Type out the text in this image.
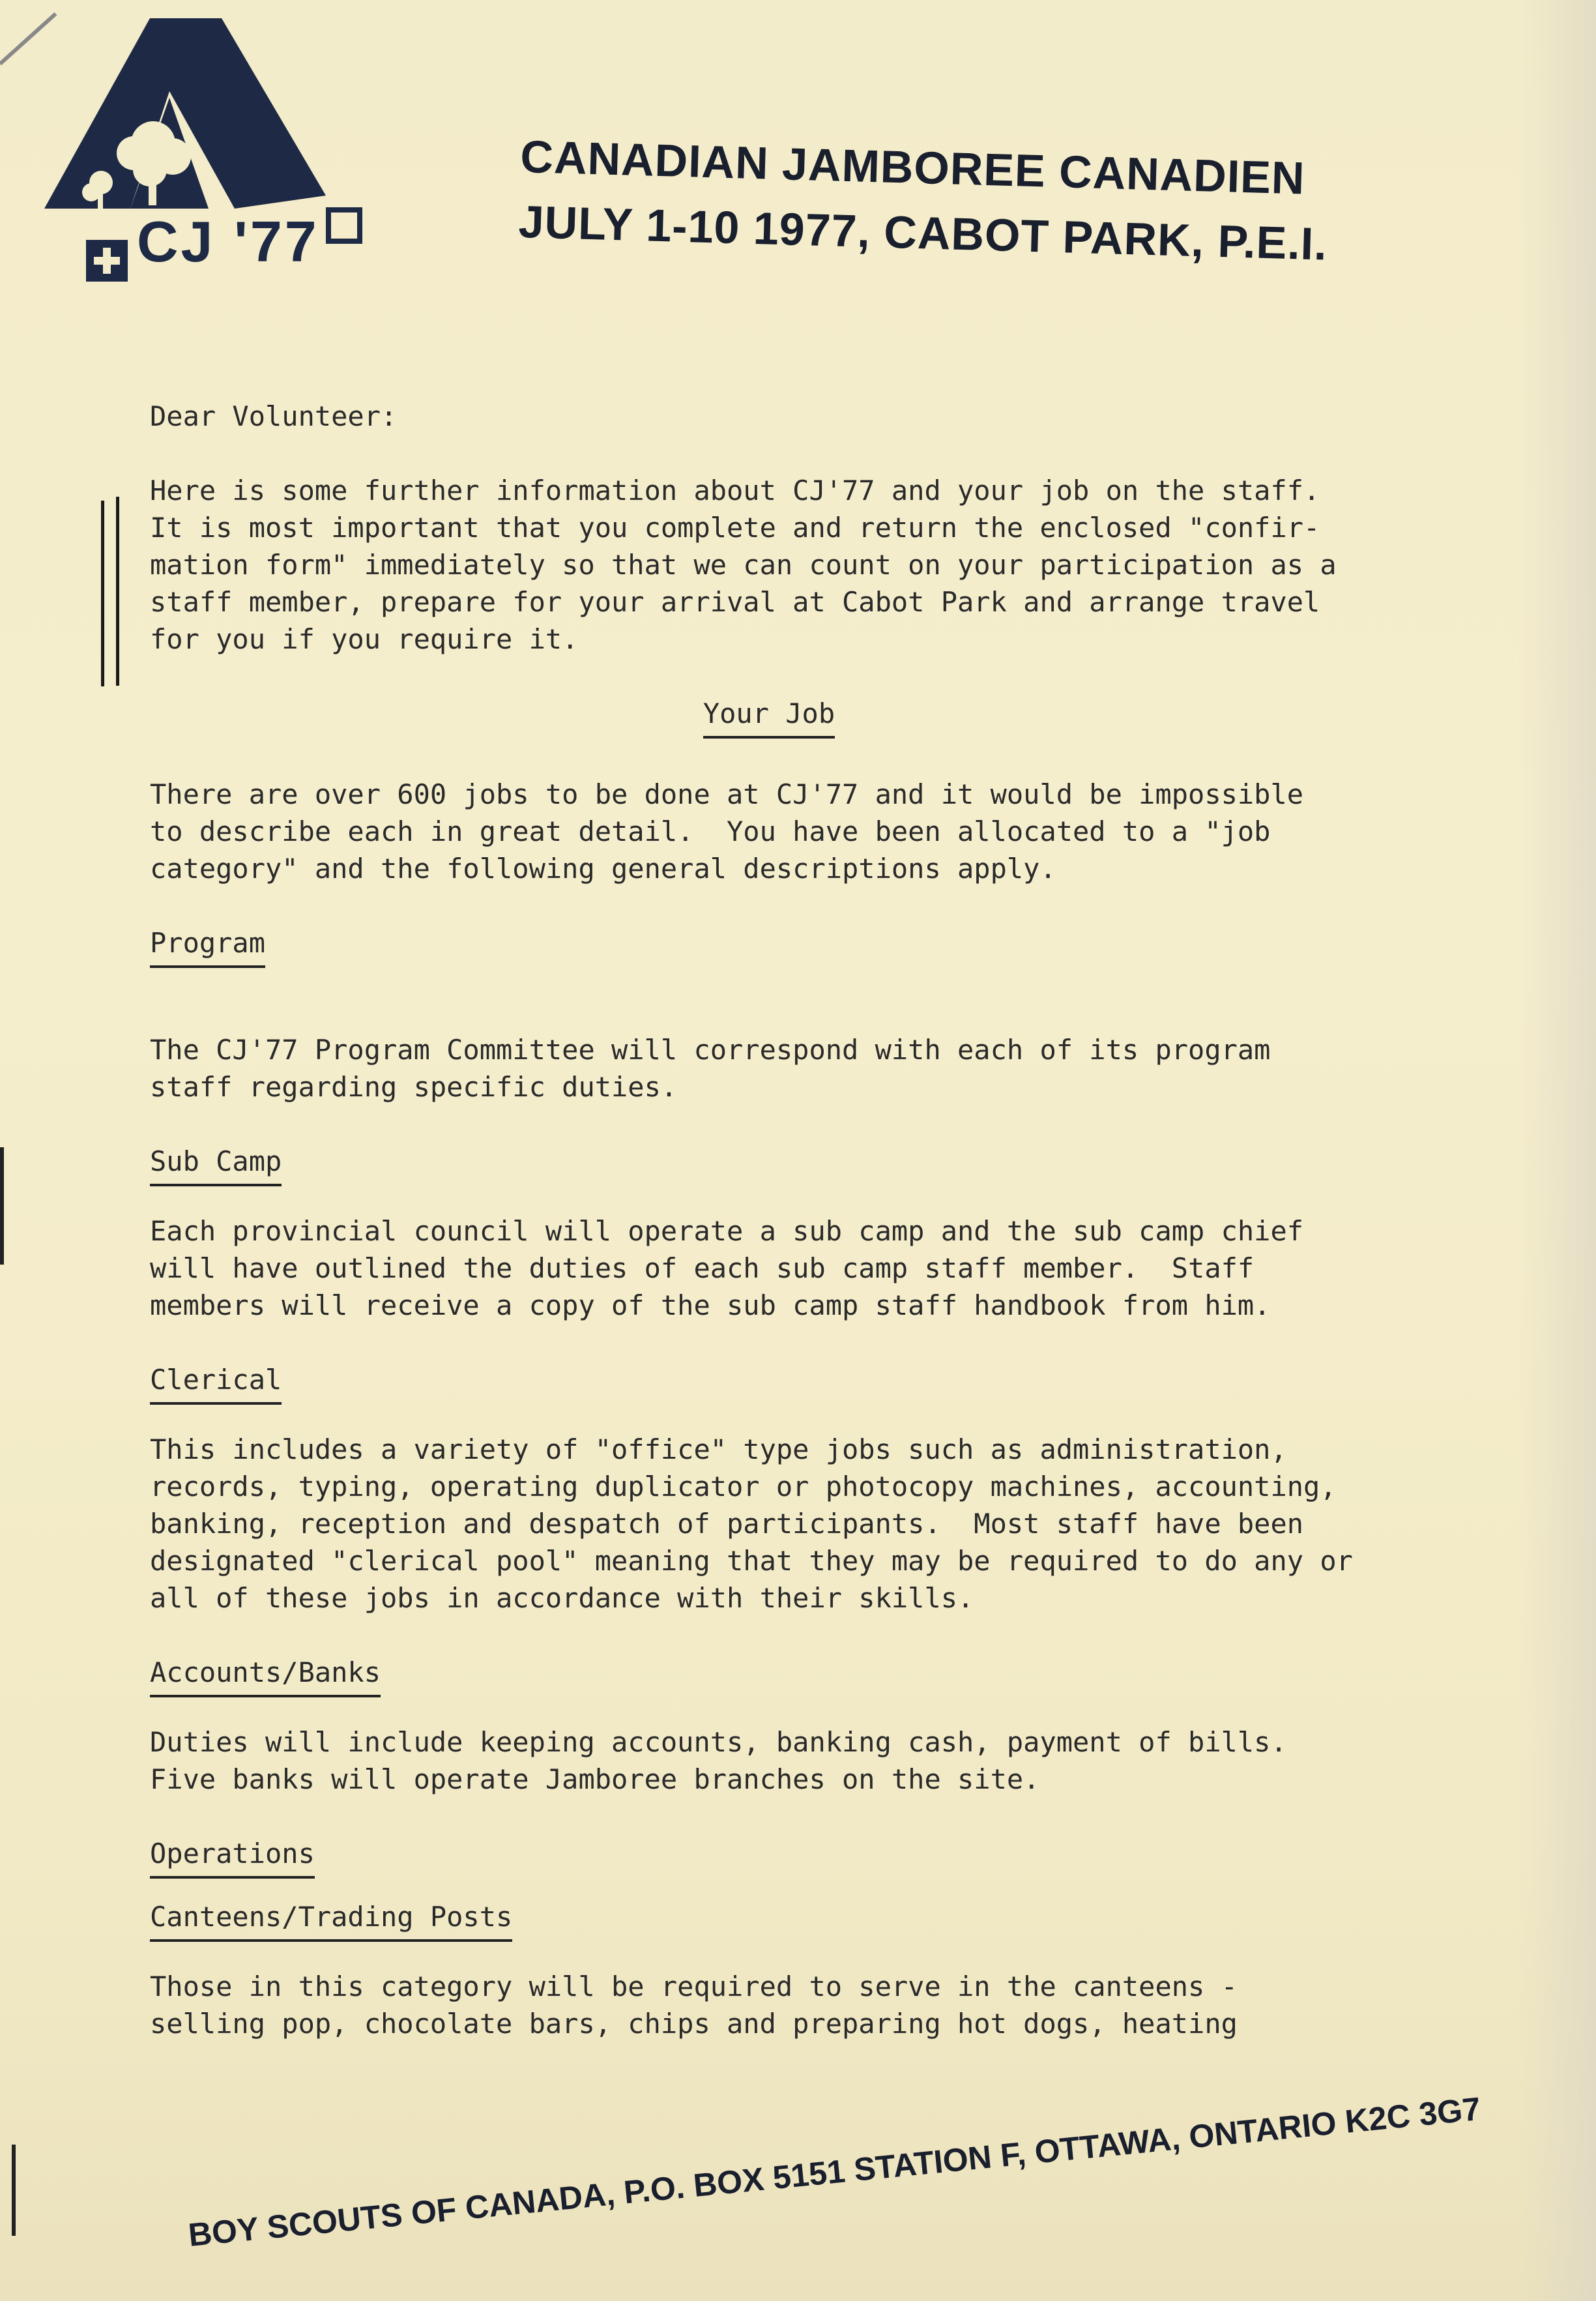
CJ '77
CANADIAN JAMBOREE CANADIEN
JULY 1-10 1977, CABOT PARK, P.E.I.

Dear Volunteer:

Here is some further information about CJ'77 and your job on the staff.

It is most important that you complete and return the enclosed "confir-

mation form" immediately so that we can count on your participation as a

staff member, prepare for your arrival at Cabot Park and arrange travel

for you if you require it.

Your Job

There are over 600 jobs to be done at CJ'77 and it would be impossible

to describe each in great detail.  You have been allocated to a "job

category" and the following general descriptions apply.

Program

The CJ'77 Program Committee will correspond with each of its program

staff regarding specific duties.

Sub Camp

Each provincial council will operate a sub camp and the sub camp chief

will have outlined the duties of each sub camp staff member.  Staff

members will receive a copy of the sub camp staff handbook from him.

Clerical

This includes a variety of "office" type jobs such as administration,

records, typing, operating duplicator or photocopy machines, accounting,

banking, reception and despatch of participants.  Most staff have been

designated "clerical pool" meaning that they may be required to do any or

all of these jobs in accordance with their skills.

Accounts/Banks

Duties will include keeping accounts, banking cash, payment of bills.

Five banks will operate Jamboree branches on the site.

Operations
Canteens/Trading Posts

Those in this category will be required to serve in the canteens -

selling pop, chocolate bars, chips and preparing hot dogs, heating

BOY SCOUTS OF CANADA, P.O. BOX 5151 STATION F, OTTAWA, ONTARIO K2C 3G7
